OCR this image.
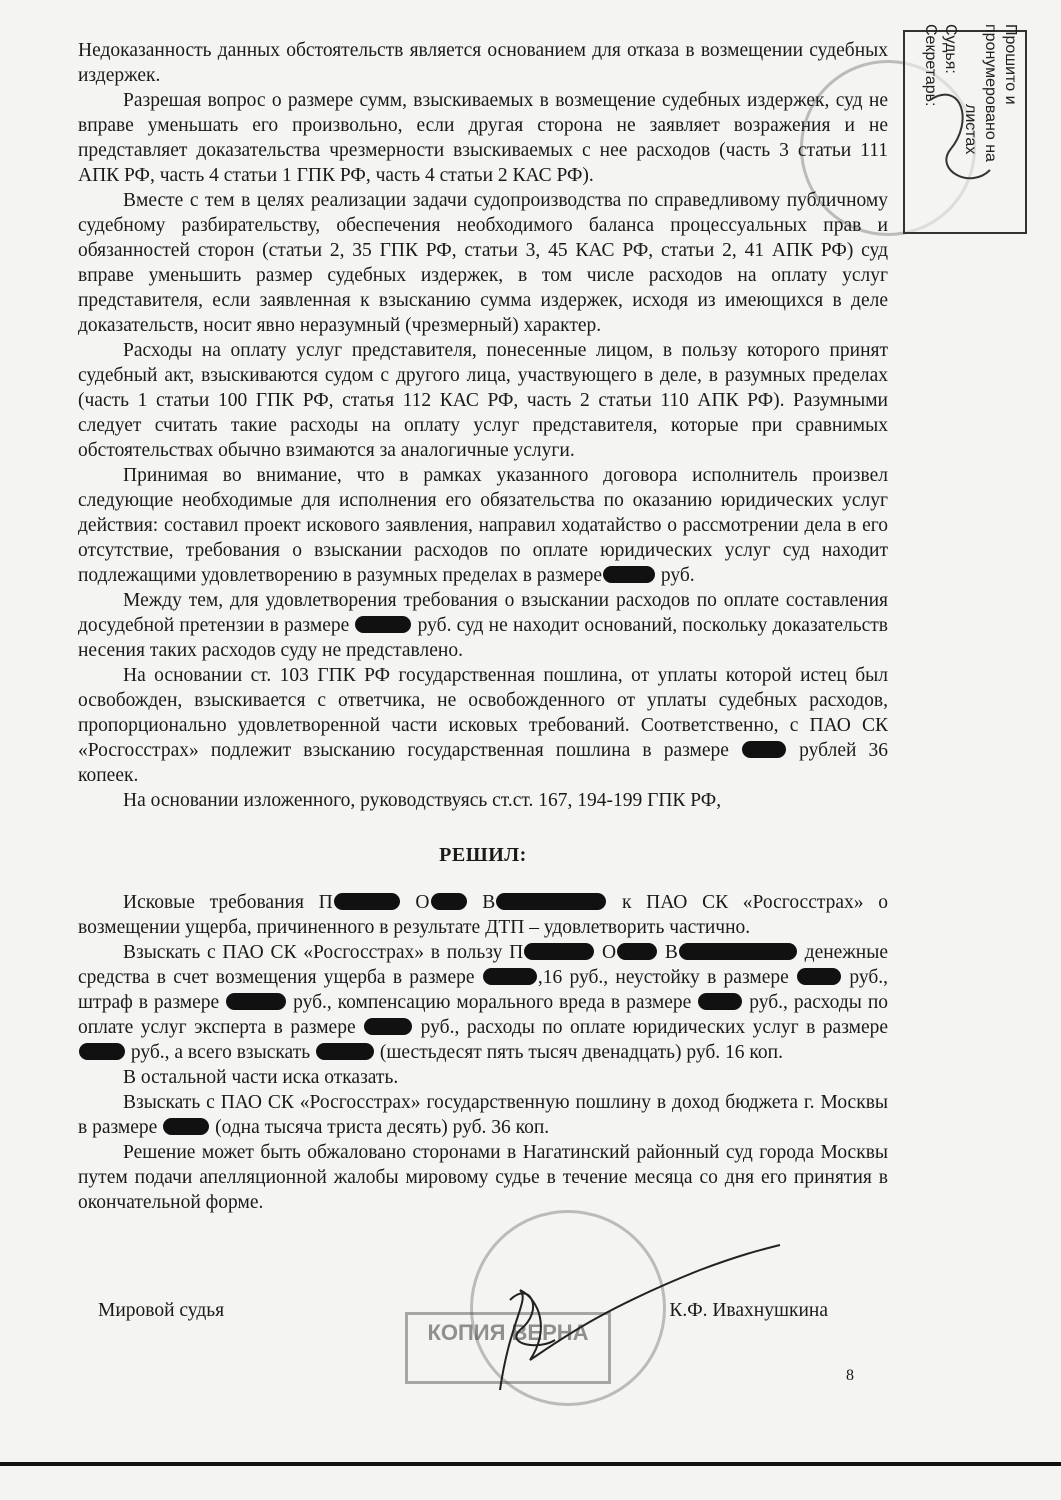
Прошито и
пронумеровано на
листах
Судья:
Секретарь:

Недоказанность данных обстоятельств является основанием для отказа в возмещении судебных издержек.

Разрешая вопрос о размере сумм, взыскиваемых в возмещение судебных издержек, суд не вправе уменьшать его произвольно, если другая сторона не заявляет возражения и не представляет доказательства чрезмерности взыскиваемых с нее расходов (часть 3 статьи 111 АПК РФ, часть 4 статьи 1 ГПК РФ, часть 4 статьи 2 КАС РФ).

Вместе с тем в целях реализации задачи судопроизводства по справедливому публичному судебному разбирательству, обеспечения необходимого баланса процессуальных прав и обязанностей сторон (статьи 2, 35 ГПК РФ, статьи 3, 45 КАС РФ, статьи 2, 41 АПК РФ) суд вправе уменьшить размер судебных издержек, в том числе расходов на оплату услуг представителя, если заявленная к взысканию сумма издержек, исходя из имеющихся в деле доказательств, носит явно неразумный (чрезмерный) характер.

Расходы на оплату услуг представителя, понесенные лицом, в пользу которого принят судебный акт, взыскиваются судом с другого лица, участвующего в деле, в разумных пределах (часть 1 статьи 100 ГПК РФ, статья 112 КАС РФ, часть 2 статьи 110 АПК РФ). Разумными следует считать такие расходы на оплату услуг представителя, которые при сравнимых обстоятельствах обычно взимаются за аналогичные услуги.

Принимая во внимание, что в рамках указанного договора исполнитель произвел следующие необходимые для исполнения его обязательства по оказанию юридических услуг действия: составил проект искового заявления, направил ходатайство о рассмотрении дела в его отсутствие, требования о взыскании расходов по оплате юридических услуг суд находит подлежащими удовлетворению в разумных пределах в размере	руб.

Между тем, для удовлетворения требования о взыскании расходов по оплате составления досудебной претензии в размере	руб. суд не находит оснований, поскольку доказательств несения таких расходов суду не представлено.

На основании ст. 103 ГПК РФ государственная пошлина, от уплаты которой истец был освобожден, взыскивается с ответчика, не освобожденного от уплаты судебных расходов, пропорционально удовлетворенной части исковых требований. Соответственно, с ПАО СК «Росгосстрах» подлежит взысканию государственная пошлина в размере	рублей 36 копеек.

На основании изложенного, руководствуясь ст.ст. 167, 194-199 ГПК РФ,

РЕШИЛ:

Исковые требования П	О	В	к ПАО СК «Росгосстрах» о возмещении ущерба, причиненного в результате ДТП – удовлетворить частично.

Взыскать с ПАО СК «Росгосстрах» в пользу П	О	В	денежные средства в счет возмещения ущерба в размере	,16 руб., неустойку в размере	руб., штраф в размере	руб., компенсацию морального вреда в размере	руб., расходы по оплате услуг эксперта в размере	руб., расходы по оплате юридических услуг в размере  руб., а всего взыскать	(шестьдесят пять тысяч двенадцать) руб. 16 коп.

В остальной части иска отказать.

Взыскать с ПАО СК «Росгосстрах» государственную пошлину в доход бюджета г. Москвы в размере	(одна тысяча триста десять) руб. 36 коп.

Решение может быть обжаловано сторонами в Нагатинский районный суд города Москвы путем подачи апелляционной жалобы мировому судье в течение месяца со дня его принятия в окончательной форме.

КОПИЯ ВЕРНА
Мировой судья	К.Ф. Ивахнушкина
8
